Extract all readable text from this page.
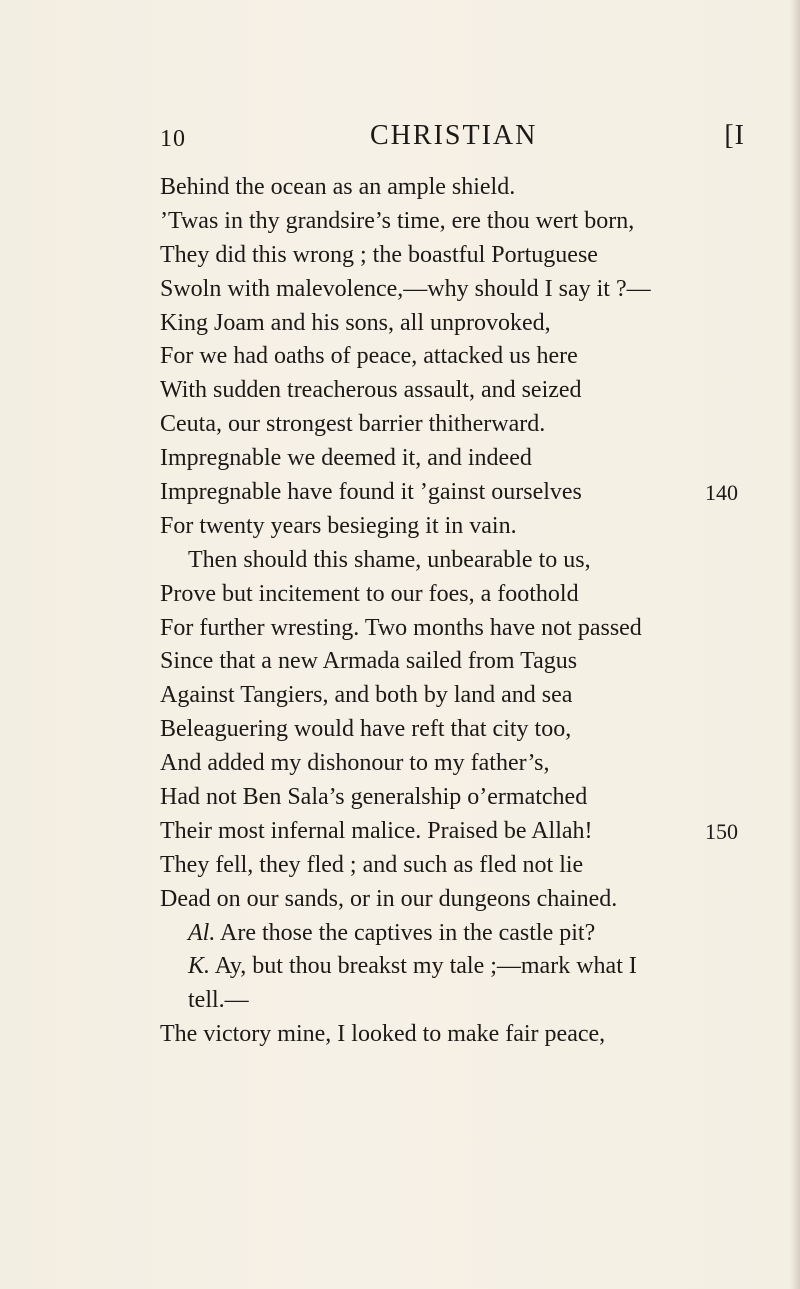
10	CHRISTIAN	[I
Behind the ocean as an ample shield.
’Twas in thy grandsire’s time, ere thou wert born,
They did this wrong ; the boastful Portuguese
Swoln with malevolence,—why should I say it ?—
King Joam and his sons, all unprovoked,
For we had oaths of peace, attacked us here
With sudden treacherous assault, and seized
Ceuta, our strongest barrier thitherward.
Impregnable we deemed it, and indeed
Impregnable have found it ’gainst ourselves	140
For twenty years besieging it in vain.
Then should this shame, unbearable to us,
Prove but incitement to our foes, a foothold
For further wresting. Two months have not passed
Since that a new Armada sailed from Tagus
Against Tangiers, and both by land and sea
Beleaguering would have reft that city too,
And added my dishonour to my father’s,
Had not Ben Sala’s generalship o’ermatched
Their most infernal malice. Praised be Allah!	150
They fell, they fled ; and such as fled not lie
Dead on our sands, or in our dungeons chained.
Al. Are those the captives in the castle pit?
K. Ay, but thou breakst my tale ;—mark what I
tell.—
The victory mine, I looked to make fair peace,
